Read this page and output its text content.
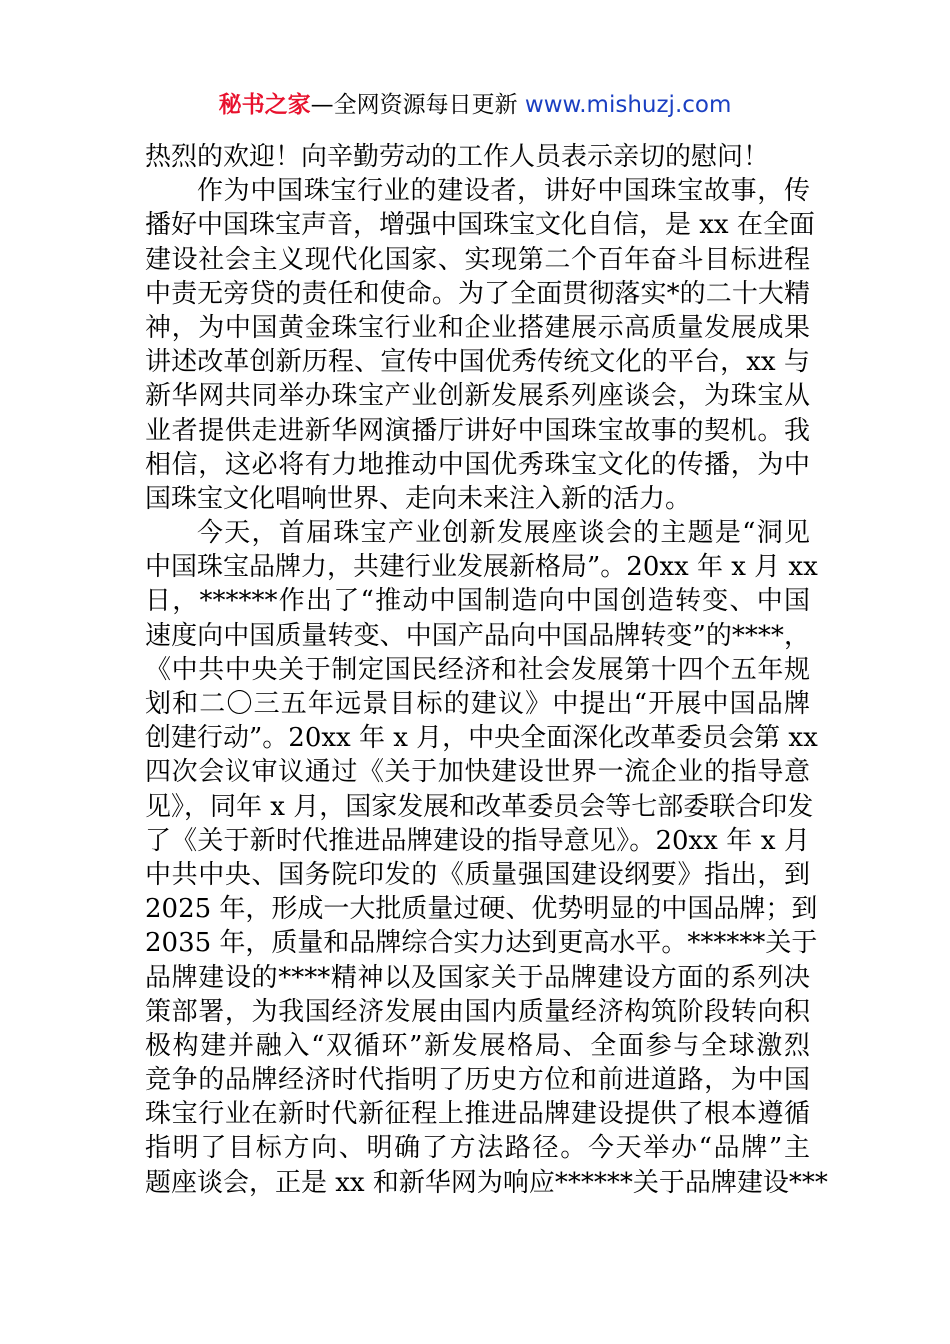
秘书之家—全网资源每日更新 www.mishuzj.com
热烈的欢迎！向辛勤劳动的工作人员表示亲切的慰问！
作为中国珠宝行业的建设者，讲好中国珠宝故事，传
播好中国珠宝声音，增强中国珠宝文化自信，是 xx 在全面
建设社会主义现代化国家、实现第二个百年奋斗目标进程
中责无旁贷的责任和使命。为了全面贯彻落实*的二十大精
神，为中国黄金珠宝行业和企业搭建展示高质量发展成果
讲述改革创新历程、宣传中国优秀传统文化的平台，xx 与
新华网共同举办珠宝产业创新发展系列座谈会，为珠宝从
业者提供走进新华网演播厅讲好中国珠宝故事的契机。我
相信，这必将有力地推动中国优秀珠宝文化的传播，为中
国珠宝文化唱响世界、走向未来注入新的活力。
今天，首届珠宝产业创新发展座谈会的主题是“洞见
中国珠宝品牌力，共建行业发展新格局”。20xx 年 x 月 xx
日，******作出了“推动中国制造向中国创造转变、中国
速度向中国质量转变、中国产品向中国品牌转变”的****，
《中共中央关于制定国民经济和社会发展第十四个五年规
划和二〇三五年远景目标的建议》中提出“开展中国品牌
创建行动”。20xx 年 x 月，中央全面深化改革委员会第 xx
四次会议审议通过《关于加快建设世界一流企业的指导意
见》，同年 x 月，国家发展和改革委员会等七部委联合印发
了《关于新时代推进品牌建设的指导意见》。20xx 年 x 月
中共中央、国务院印发的《质量强国建设纲要》指出，到
2025 年，形成一大批质量过硬、优势明显的中国品牌；到
2035 年，质量和品牌综合实力达到更高水平。******关于
品牌建设的****精神以及国家关于品牌建设方面的系列决
策部署，为我国经济发展由国内质量经济构筑阶段转向积
极构建并融入“双循环”新发展格局、全面参与全球激烈
竞争的品牌经济时代指明了历史方位和前进道路，为中国
珠宝行业在新时代新征程上推进品牌建设提供了根本遵循
指明了目标方向、明确了方法路径。今天举办“品牌”主
题座谈会，正是 xx 和新华网为响应******关于品牌建设***
